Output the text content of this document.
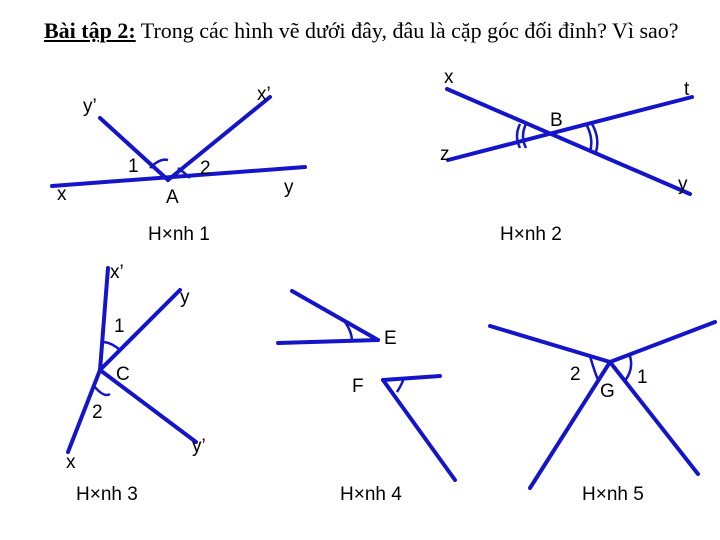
Bài tập 2: Trong các hình vẽ dưới đây, đâu là cặp góc đối đỉnh? Vì sao?
x
x’
y’
y
1	2
A
H×nh 1
x
t
z
y
B
H×nh 2
x’
y
1
2
x
y’
C
H×nh 3
E
F
H×nh 4
2	1
G
H×nh 5
